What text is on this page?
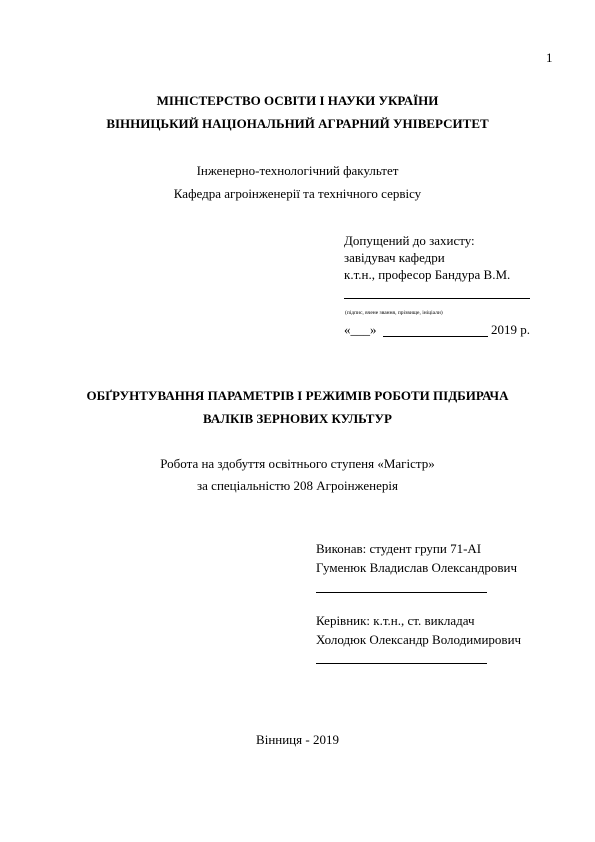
1
МІНІСТЕРСТВО ОСВІТИ І НАУКИ УКРАЇНИ
ВІННИЦЬКИЙ НАЦІОНАЛЬНИЙ АГРАРНИЙ УНІВЕРСИТЕТ
Інженерно-технологічний факультет
Кафедра агроінженерії та технічного сервісу
Допущений до захисту:
завідувач кафедри
к.т.н., професор Бандура В.М.
(підпис, вчене звання, прізвище, ініціали)
«___»	2019 р.
ОБҐРУНТУВАННЯ ПАРАМЕТРІВ І РЕЖИМІВ РОБОТИ ПІДБИРАЧА
ВАЛКІВ ЗЕРНОВИХ КУЛЬТУР
Робота на здобуття освітнього ступеня «Магістр»
за спеціальністю 208 Агроінженерія
Виконав: студент групи 71-АІ
Гуменюк Владислав Олександрович
Керівник: к.т.н., ст. викладач
Холодюк Олександр Володимирович
Вінниця - 2019
